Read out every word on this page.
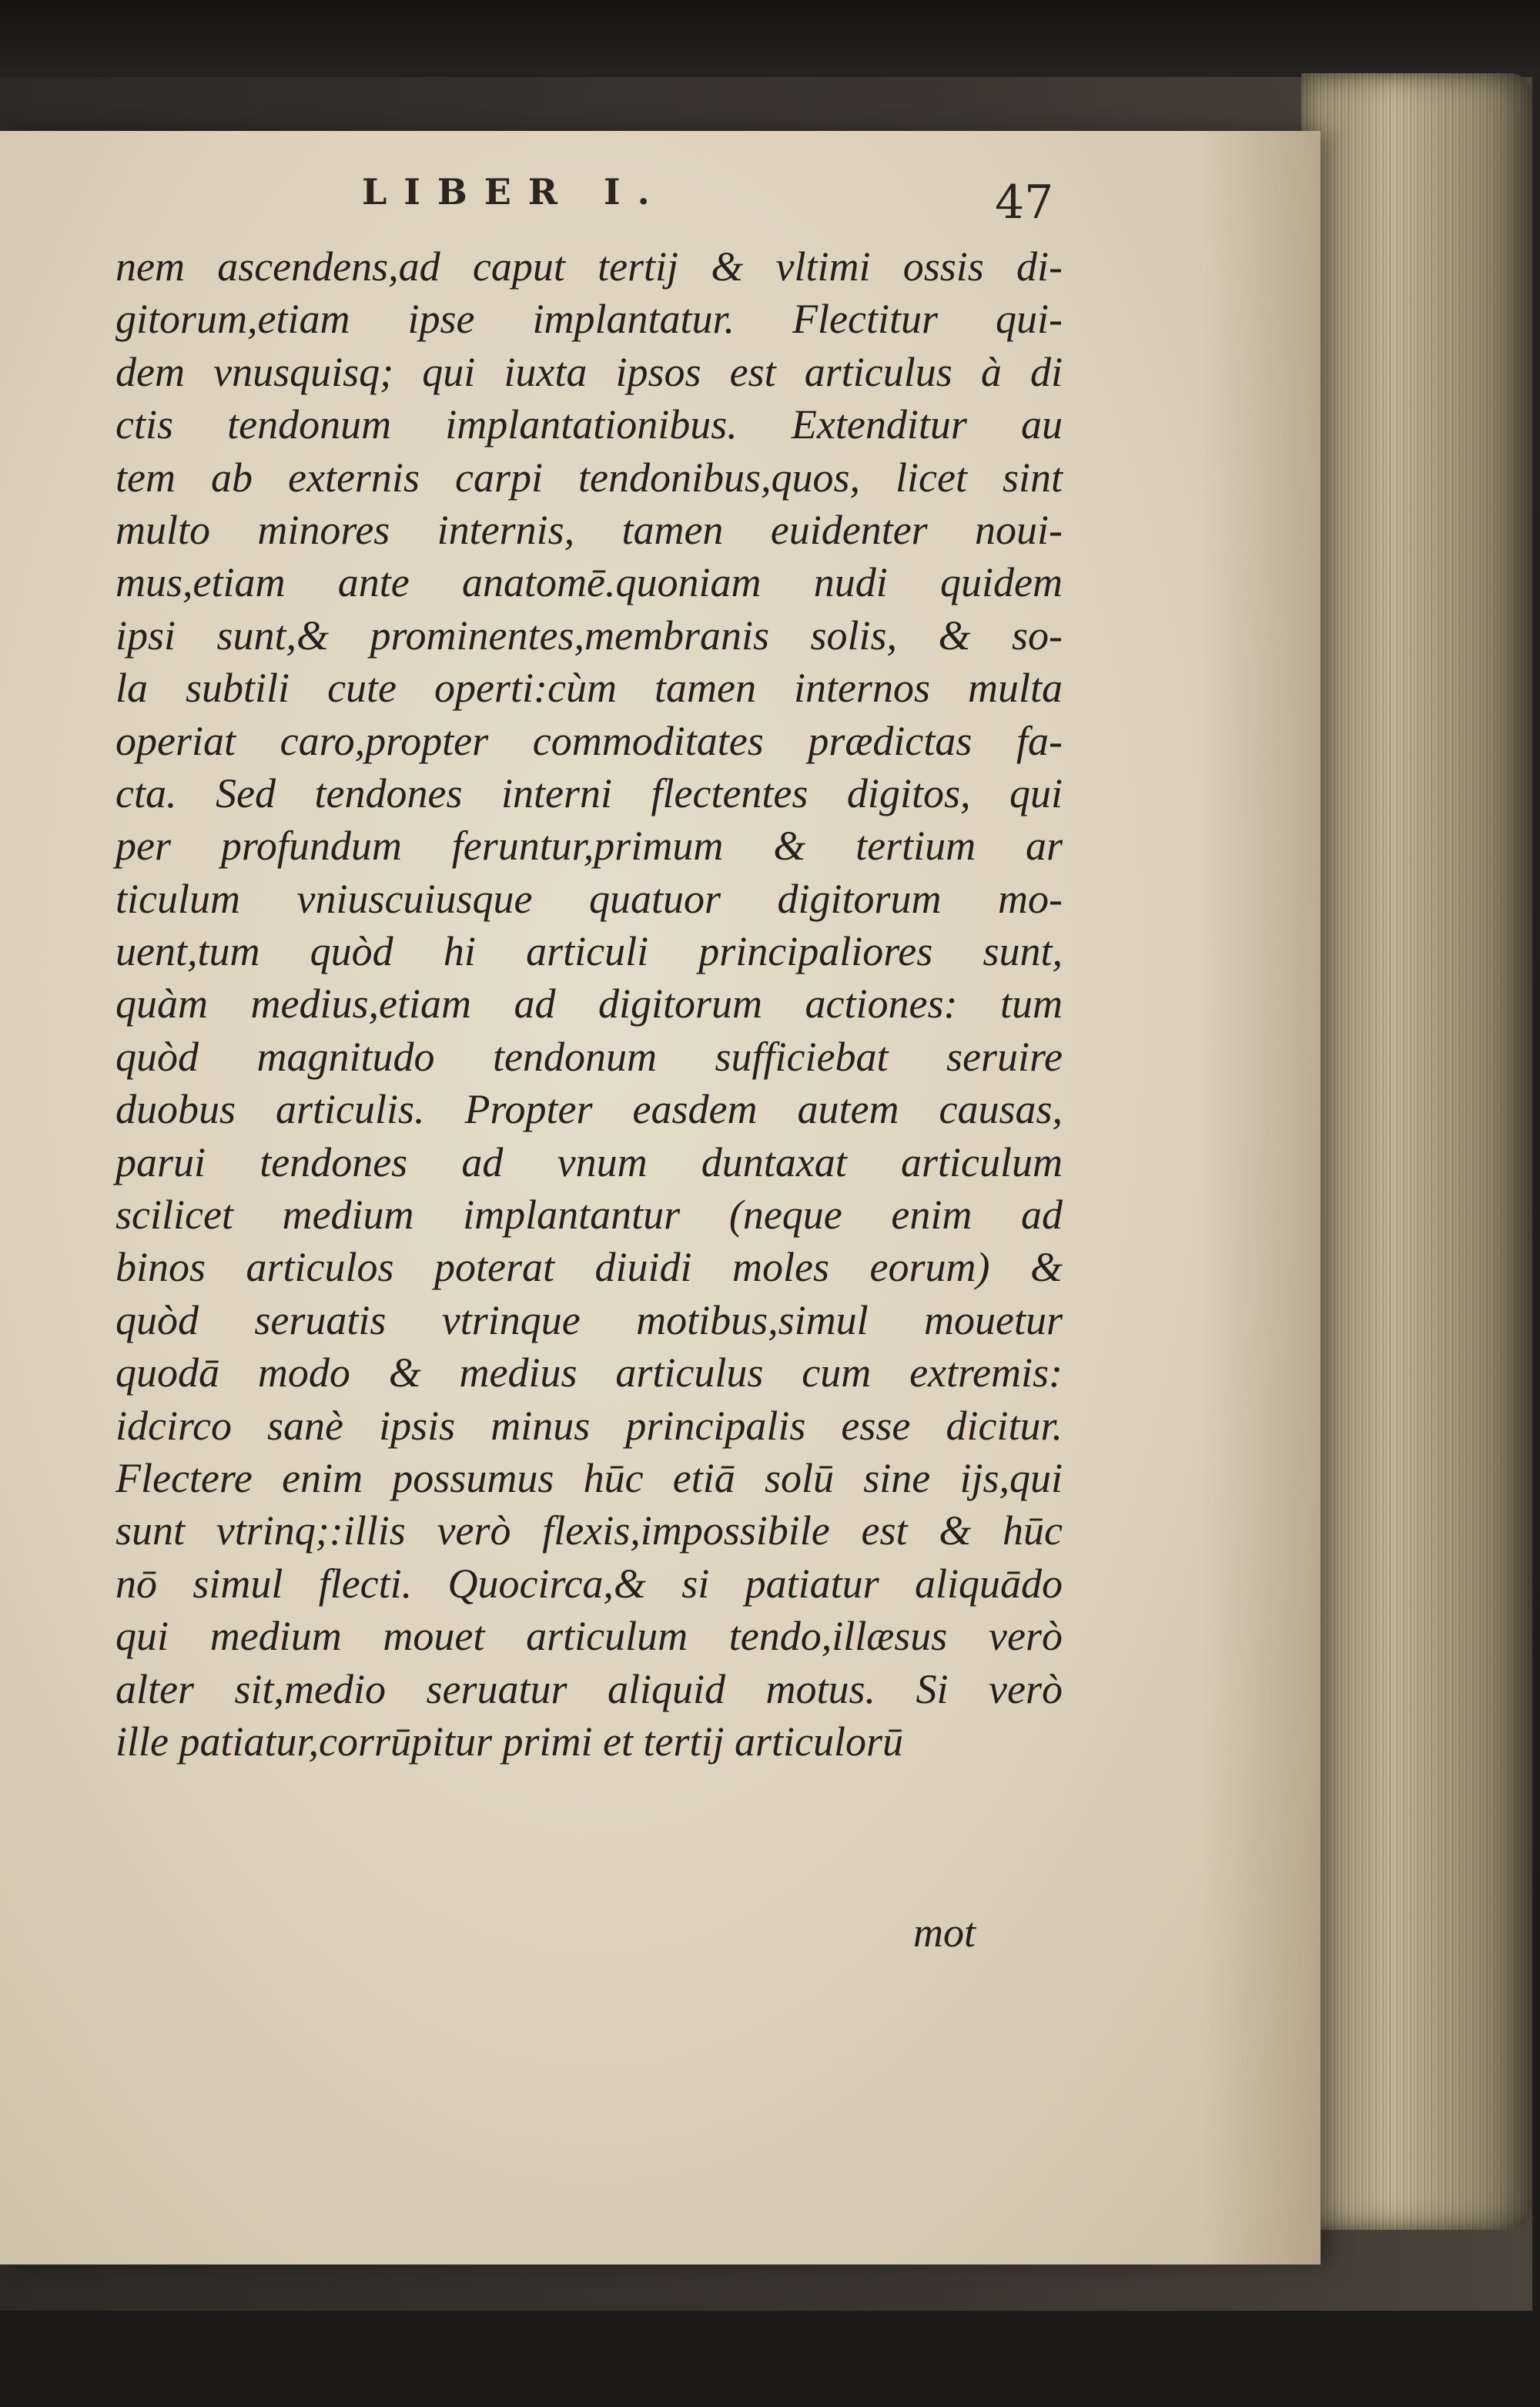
LIBER I.	47
nem ascendens,ad caput tertij & vltimi ossis di-
gitorum,etiam ipse implantatur. Flectitur qui-
dem vnusquisq; qui iuxta ipsos est articulus à di
ctis tendonum implantationibus. Extenditur au
tem ab externis carpi tendonibus,quos, licet sint
multo minores internis, tamen euidenter noui-
mus,etiam ante anatomē.quoniam nudi quidem
ipsi sunt,& prominentes,membranis solis, & so-
la subtili cute operti:cùm tamen internos multa
operiat caro,propter commoditates prædictas fa-
cta. Sed tendones interni flectentes digitos, qui
per profundum feruntur,primum & tertium ar
ticulum vniuscuiusque quatuor digitorum mo-
uent,tum quòd hi articuli principaliores sunt,
quàm medius,etiam ad digitorum actiones: tum
quòd magnitudo tendonum sufficiebat seruire
duobus articulis. Propter easdem autem causas,
parui tendones ad vnum duntaxat articulum
scilicet medium implantantur (neque enim ad
binos articulos poterat diuidi moles eorum) &
quòd seruatis vtrinque motibus,simul mouetur
quodā modo & medius articulus cum extremis:
idcirco sanè ipsis minus principalis esse dicitur.
Flectere enim possumus hūc etiā solū sine ijs,qui
sunt vtrinq;:illis verò flexis,impossibile est & hūc
nō simul flecti. Quocirca,& si patiatur aliquādo
qui medium mouet articulum tendo,illæsus verò
alter sit,medio seruatur aliquid motus. Si verò
ille patiatur,corrūpitur primi et tertij articulorū
mot
